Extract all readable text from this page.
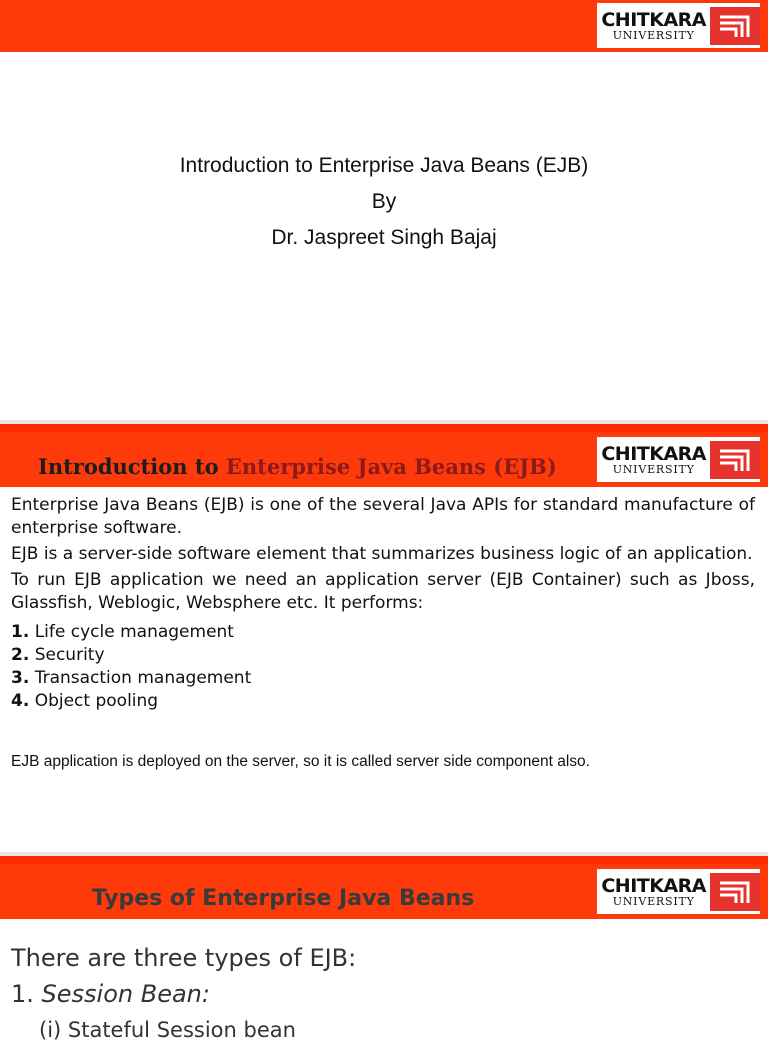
CHITKARA
UNIVERSITY
Introduction to Enterprise Java Beans (EJB)
By
Dr. Jaspreet Singh Bajaj
Introduction to Enterprise Java Beans (EJB)
CHITKARA
UNIVERSITY

Enterprise Java Beans (EJB) is one of the several Java APIs for standard manufacture of enterprise software.

EJB is a server-side software element that summarizes business logic of an application.

To run EJB application we need an application server (EJB Container) such as Jboss, Glassfish, Weblogic, Websphere etc. It performs:

1. Life cycle management
2. Security
3. Transaction management
4. Object pooling
EJB application is deployed on the server, so it is called server side component also.
Types of Enterprise Java Beans
CHITKARA
UNIVERSITY
There are three types of EJB:
1. Session Bean:
(i) Stateful Session bean
